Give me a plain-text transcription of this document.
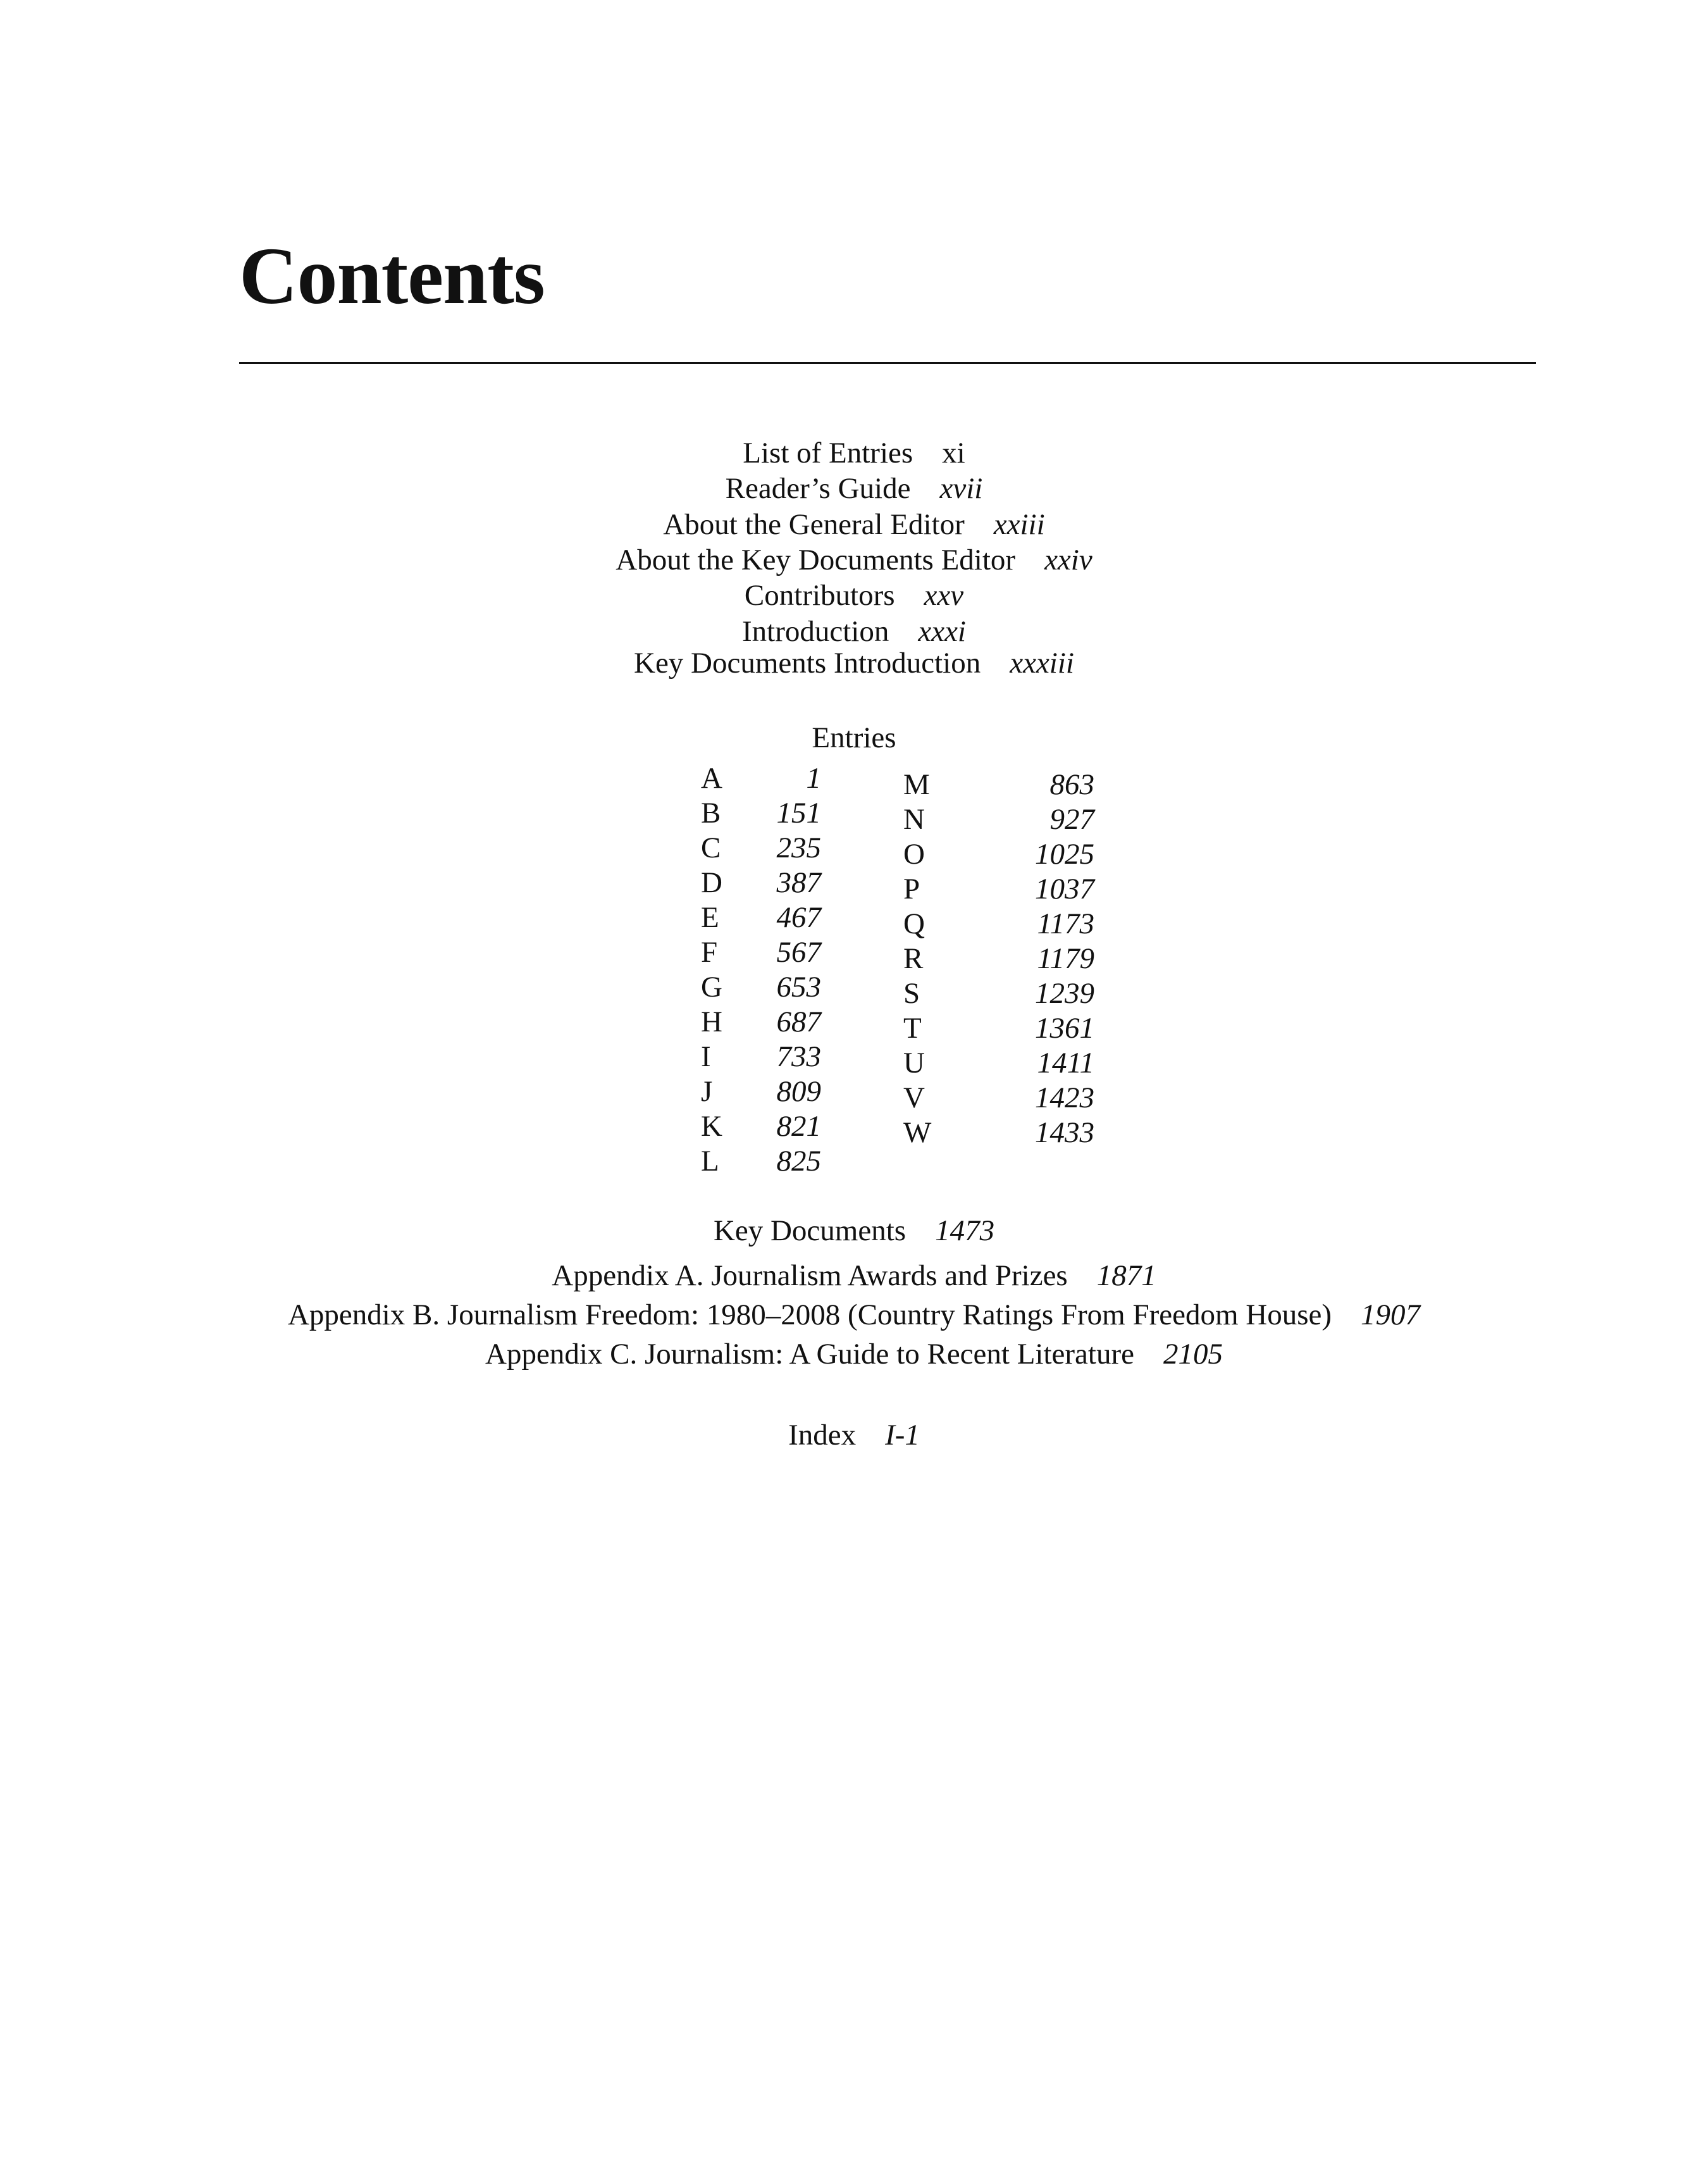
Contents
List of Entries xi
Reader’s Guide xvii
About the General Editor xxiii
About the Key Documents Editor xxiv
Contributors xxv
Introduction xxxi
Key Documents Introduction xxxiii
Entries
A	1
B	151
C	235
D	387
E	467
F	567
G	653
H	687
I	733
J	809
K	821
L	825
M	863
N	927
O	1025
P	1037
Q	1173
R	1179
S	1239
T	1361
U	1411
V	1423
W	1433
Key Documents 1473
Appendix A. Journalism Awards and Prizes 1871
Appendix B. Journalism Freedom: 1980–2008 (Country Ratings From Freedom House) 1907
Appendix C. Journalism: A Guide to Recent Literature 2105
Index I-1
